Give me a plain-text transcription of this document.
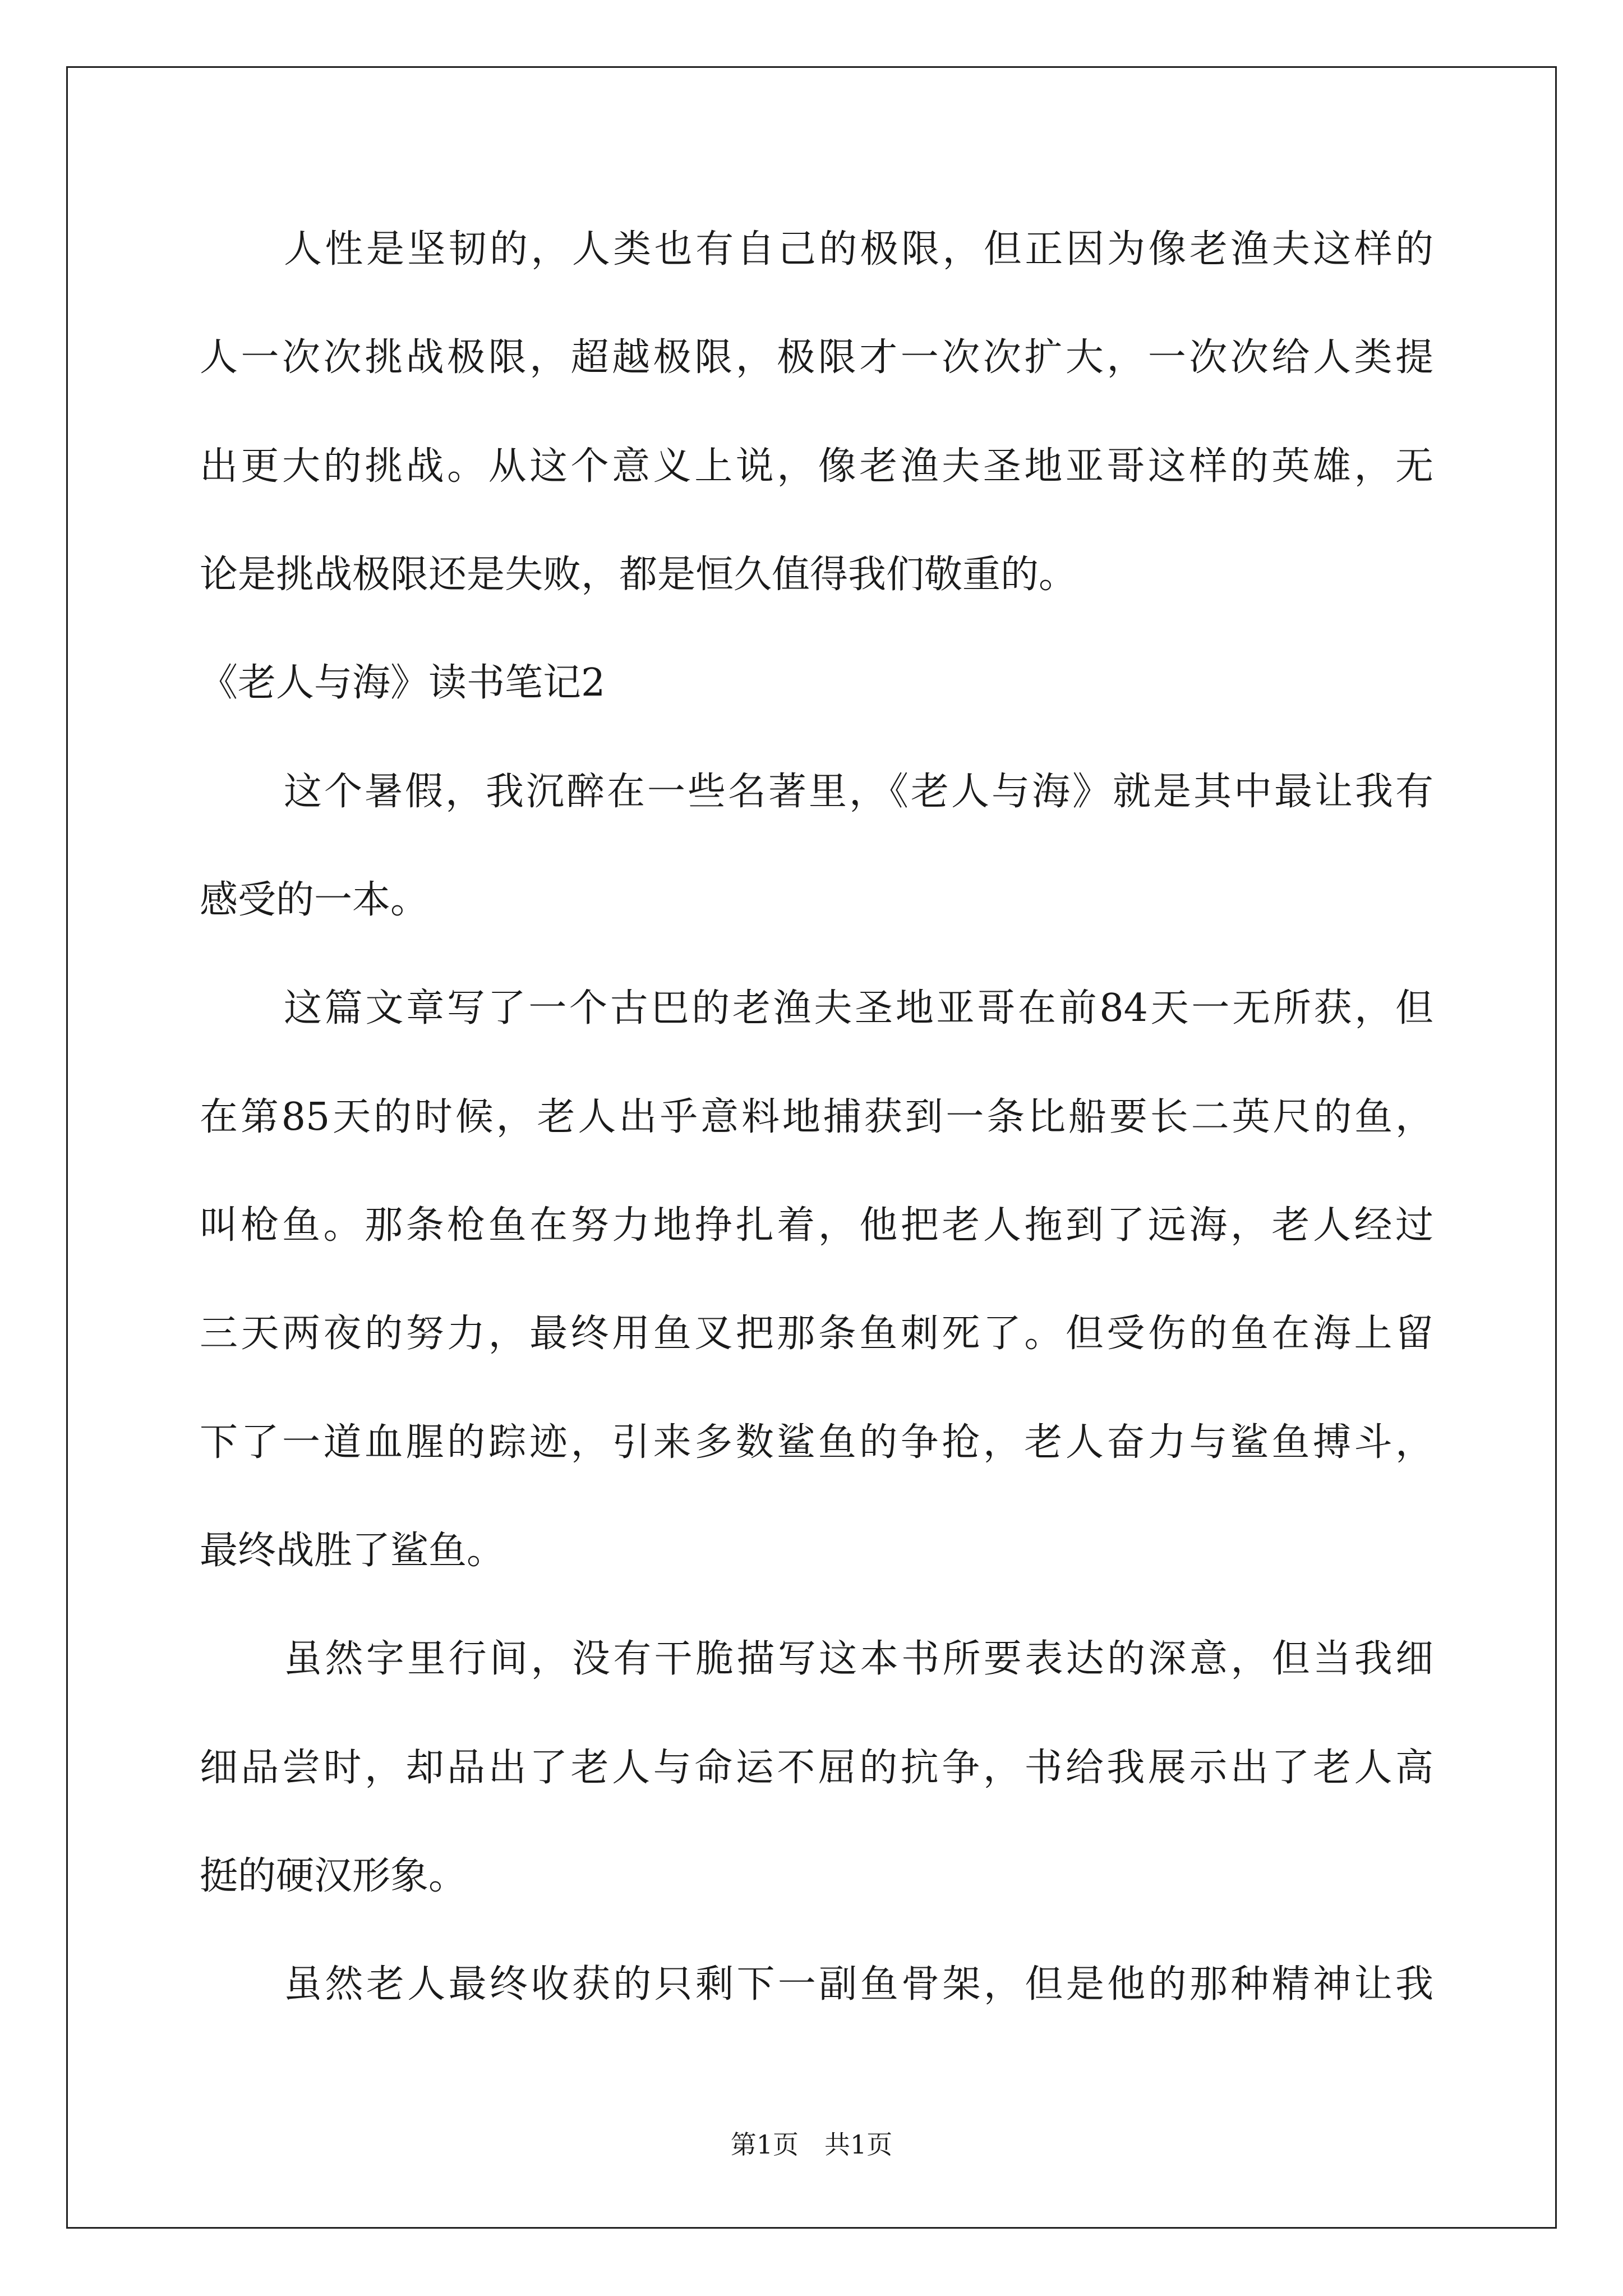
人性是坚韧的，人类也有自己的极限，但正因为像老渔夫这样的
人一次次挑战极限，超越极限，极限才一次次扩大，一次次给人类提
出更大的挑战。从这个意义上说，像老渔夫圣地亚哥这样的英雄，无
论是挑战极限还是失败，都是恒久值得我们敬重的。
《老人与海》读书笔记2
这个暑假，我沉醉在一些名著里，《老人与海》就是其中最让我有
感受的一本。
这篇文章写了一个古巴的老渔夫圣地亚哥在前84天一无所获，但
在第85天的时候，老人出乎意料地捕获到一条比船要长二英尺的鱼，
叫枪鱼。那条枪鱼在努力地挣扎着，他把老人拖到了远海，老人经过
三天两夜的努力，最终用鱼叉把那条鱼刺死了。但受伤的鱼在海上留
下了一道血腥的踪迹，引来多数鲨鱼的争抢，老人奋力与鲨鱼搏斗，
最终战胜了鲨鱼。
虽然字里行间，没有干脆描写这本书所要表达的深意，但当我细
细品尝时，却品出了老人与命运不屈的抗争，书给我展示出了老人高
挺的硬汉形象。
虽然老人最终收获的只剩下一副鱼骨架，但是他的那种精神让我
第1页　共1页
